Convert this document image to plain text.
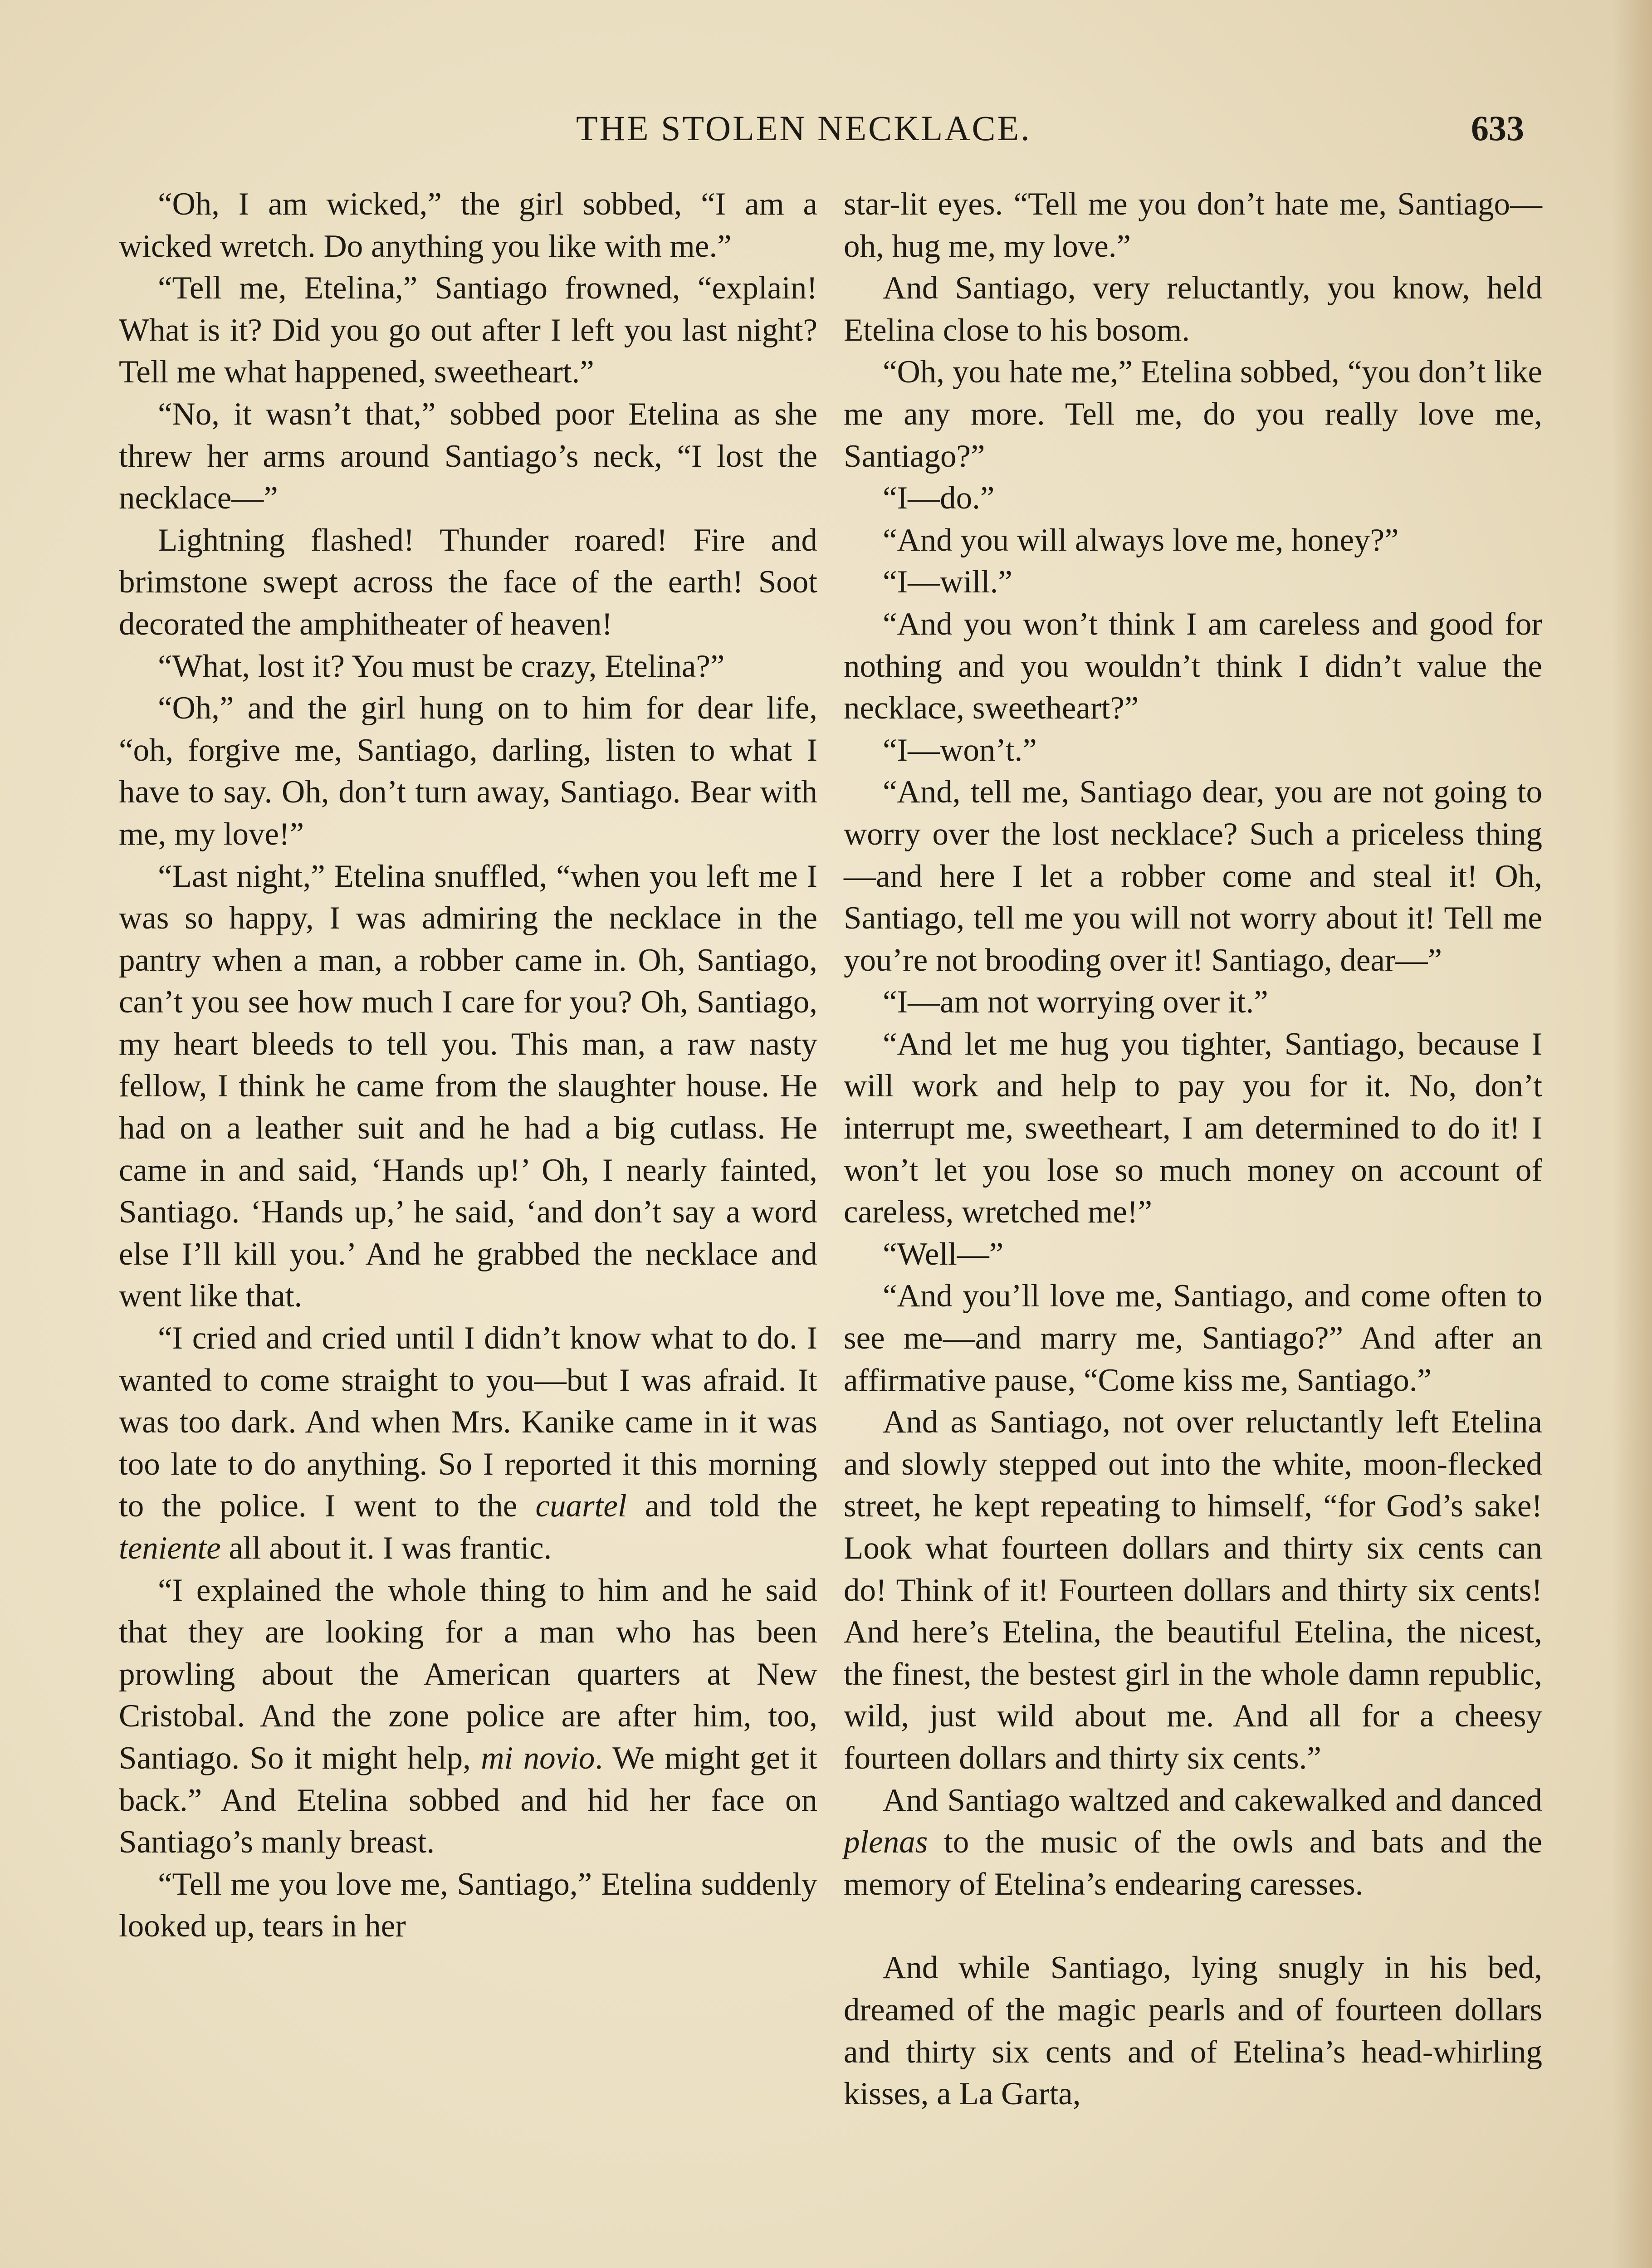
THE STOLEN NECKLACE.	633

“Oh, I am wicked,” the girl sobbed, “I am a wicked wretch. Do anything you like with me.”

“Tell me, Etelina,” Santiago frowned, “explain! What is it? Did you go out after I left you last night? Tell me what happened, sweetheart.”

“No, it wasn’t that,” sobbed poor Etelina as she threw her arms around Santiago’s neck, “I lost the necklace—”

Lightning flashed! Thunder roared! Fire and brimstone swept across the face of the earth! Soot decorated the amphitheater of heaven!

“What, lost it? You must be crazy, Etelina?”

“Oh,” and the girl hung on to him for dear life, “oh, forgive me, Santiago, darling, listen to what I have to say. Oh, don’t turn away, Santiago. Bear with me, my love!”

“Last night,” Etelina snuffled, “when you left me I was so happy, I was admiring the necklace in the pantry when a man, a robber came in. Oh, Santiago, can’t you see how much I care for you? Oh, Santiago, my heart bleeds to tell you. This man, a raw nasty fellow, I think he came from the slaughter house. He had on a leather suit and he had a big cutlass. He came in and said, ‘Hands up!’ Oh, I nearly fainted, Santiago. ‘Hands up,’ he said, ‘and don’t say a word else I’ll kill you.’ And he grabbed the necklace and went like that.

“I cried and cried until I didn’t know what to do. I wanted to come straight to you—but I was afraid. It was too dark. And when Mrs. Kanike came in it was too late to do anything. So I reported it this morning to the police. I went to the cuartel and told the teniente all about it. I was frantic.

“I explained the whole thing to him and he said that they are looking for a man who has been prowling about the American quarters at New Cristobal. And the zone police are after him, too, Santiago. So it might help, mi novio. We might get it back.” And Etelina sobbed and hid her face on Santiago’s manly breast.

“Tell me you love me, Santiago,” Etelina suddenly looked up, tears in her

star-lit eyes. “Tell me you don’t hate me, Santiago—oh, hug me, my love.”

And Santiago, very reluctantly, you know, held Etelina close to his bosom.

“Oh, you hate me,” Etelina sobbed, “you don’t like me any more. Tell me, do you really love me, Santiago?”

“I—do.”

“And you will always love me, honey?”

“I—will.”

“And you won’t think I am careless and good for nothing and you wouldn’t think I didn’t value the necklace, sweetheart?”

“I—won’t.”

“And, tell me, Santiago dear, you are not going to worry over the lost necklace? Such a priceless thing—and here I let a robber come and steal it! Oh, Santiago, tell me you will not worry about it! Tell me you’re not brooding over it! Santiago, dear—”

“I—am not worrying over it.”

“And let me hug you tighter, Santiago, because I will work and help to pay you for it. No, don’t interrupt me, sweetheart, I am determined to do it! I won’t let you lose so much money on account of careless, wretched me!”

“Well—”

“And you’ll love me, Santiago, and come often to see me—and marry me, Santiago?” And after an affirmative pause, “Come kiss me, Santiago.”

And as Santiago, not over reluctantly left Etelina and slowly stepped out into the white, moon-flecked street, he kept repeating to himself, “for God’s sake! Look what fourteen dollars and thirty six cents can do! Think of it! Fourteen dollars and thirty six cents! And here’s Etelina, the beautiful Etelina, the nicest, the finest, the bestest girl in the whole damn republic, wild, just wild about me. And all for a cheesy fourteen dollars and thirty six cents.”

And Santiago waltzed and cakewalked and danced plenas to the music of the owls and bats and the memory of Etelina’s endearing caresses.

And while Santiago, lying snugly in his bed, dreamed of the magic pearls and of fourteen dollars and thirty six cents and of Etelina’s head-whirling kisses, a La Garta,
